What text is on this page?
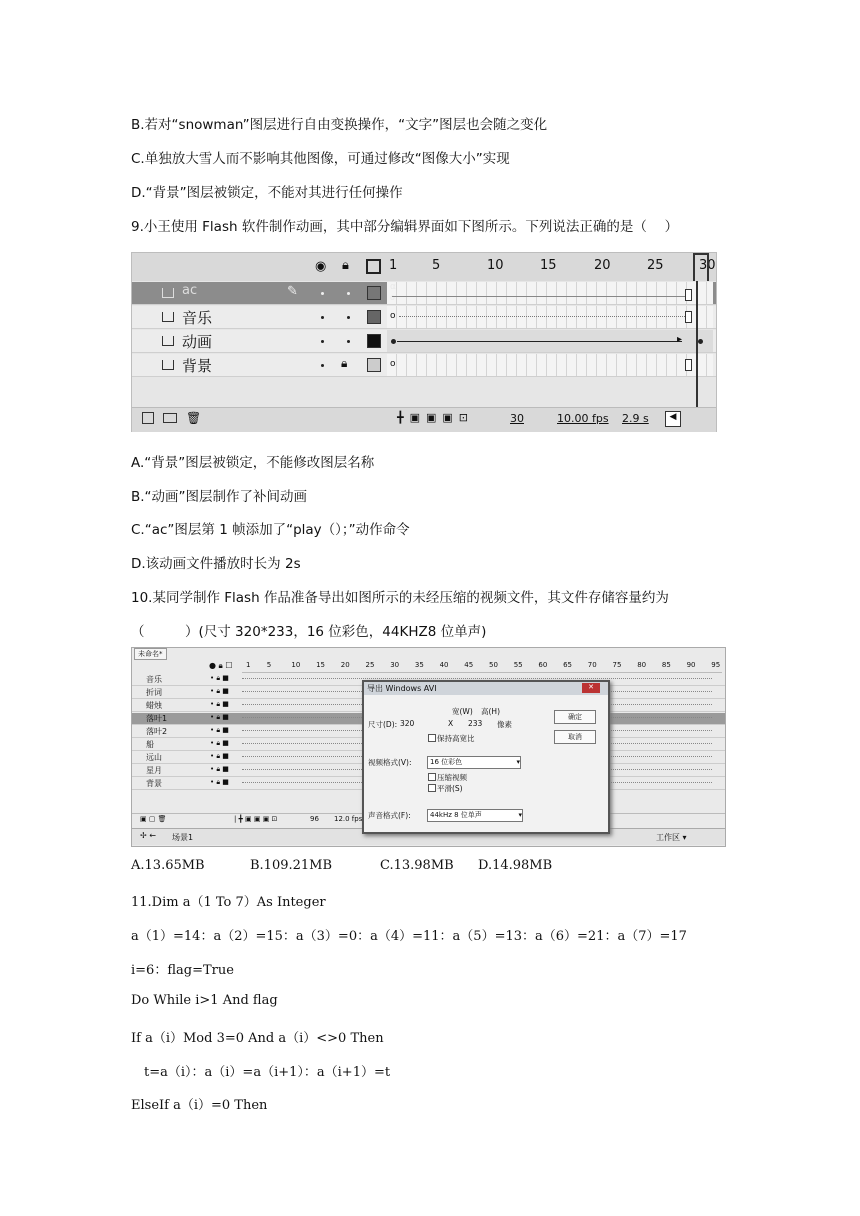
B.若对“snowman”图层进行自由变换操作，“文字”图层也会随之变化
C.单独放大雪人而不影响其他图像，可通过修改“图像大小”实现
D.“背景”图层被锁定，不能对其进行任何操作
9.小王使用 Flash 软件制作动画，其中部分编辑界面如下图所示。下列说法正确的是（　 ）
◉ 🔒︎	1	5	10	15	20	25	30
ac	✎	α
o
音乐	o
动画	▸
背景	🔒︎	o
🗑︎	╋▣▣▣⊡	30	10.00 fps 2.9 s	◀
A.“背景”图层被锁定，不能修改图层名称
B.“动画”图层制作了补间动画
C.“ac”图层第 1 帧添加了“play（）；”动作命令
D.该动画文件播放时长为 2s
10.某同学制作 Flash 作品准备导出如图所示的未经压缩的视频文件，其文件存储容量约为
（　　　）(尺寸 320*233，16 位彩色，44KHZ8 位单声)
未命名*
1 5	10 15 20 25 30 35 40 45 50 55 60 65 70 75 80 85 90 95
● 🔒︎ ☐
音乐	• 🔒︎ ■
折词	• 🔒︎ ■
蜡烛	• 🔒︎ ■
落叶1	• 🔒︎ ■
落叶2	• 🔒︎ ■
船	• 🔒︎ ■
远山	• 🔒︎ ■
星月	• 🔒︎ ■
背景	• 🔒︎ ■
▣ ▢ 🗑︎	| ╋ ▣ ▣ ▣ ⊡	96 12.0 fps
✢ ← 场景1	工作区 ▾
导出 Windows AVI	✕
宽(W) 高(H)
尺寸(D): 320	X 233 像素
保持高宽比
视频格式(V):	16 位彩色	▾
压缩视频
平滑(S)
声音格式(F):	44kHz 8 位单声	▾
确定
取消
A.13.65MB	B.109.21MB	C.13.98MB D.14.98MB
11.Dim a（1 To 7）As Integer
a（1）=14：a（2）=15：a（3）=0：a（4）=11：a（5）=13：a（6）=21：a（7）=17
i=6：flag=True
Do While i>1 And flag
If a（i）Mod 3=0 And a（i）<>0 Then
　t=a（i）：a（i）=a（i+1）：a（i+1）=t
ElseIf a（i）=0 Then
